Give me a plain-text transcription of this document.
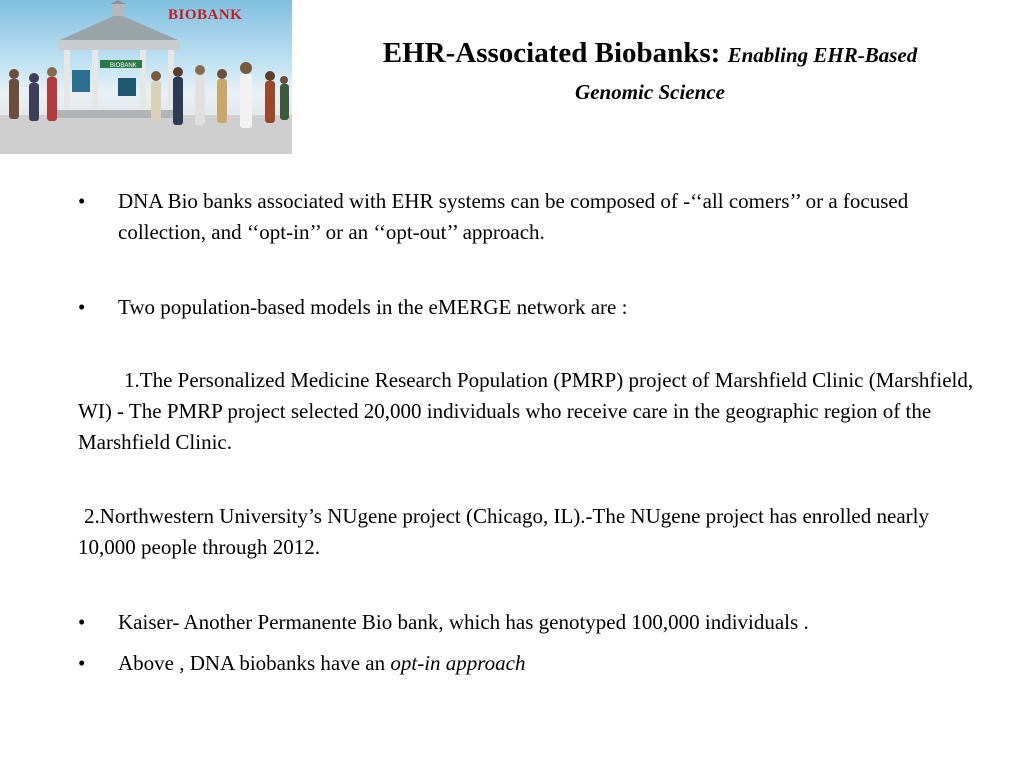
BIOBANK
BIOBANK	EHR-Associated Biobanks: Enabling EHR-Based
Genomic Science
• DNA Bio banks associated with EHR systems can be composed of -‘‘all comers’’ or a focused collection, and ‘‘opt-in’’ or an ‘‘opt-out’’ approach.
• Two population-based models in the eMERGE network are :

1.The Personalized Medicine Research Population (PMRP) project of Marshfield Clinic (Marshfield, WI) - The PMRP project selected 20,000 individuals who receive care in the geographic region of the Marshfield Clinic.

2.Northwestern University’s NUgene project (Chicago, IL).-The NUgene project has enrolled nearly 10,000 people through 2012.

• Kaiser- Another Permanente Bio bank, which has genotyped 100,000 individuals .
• Above , DNA biobanks have an opt-in approach
